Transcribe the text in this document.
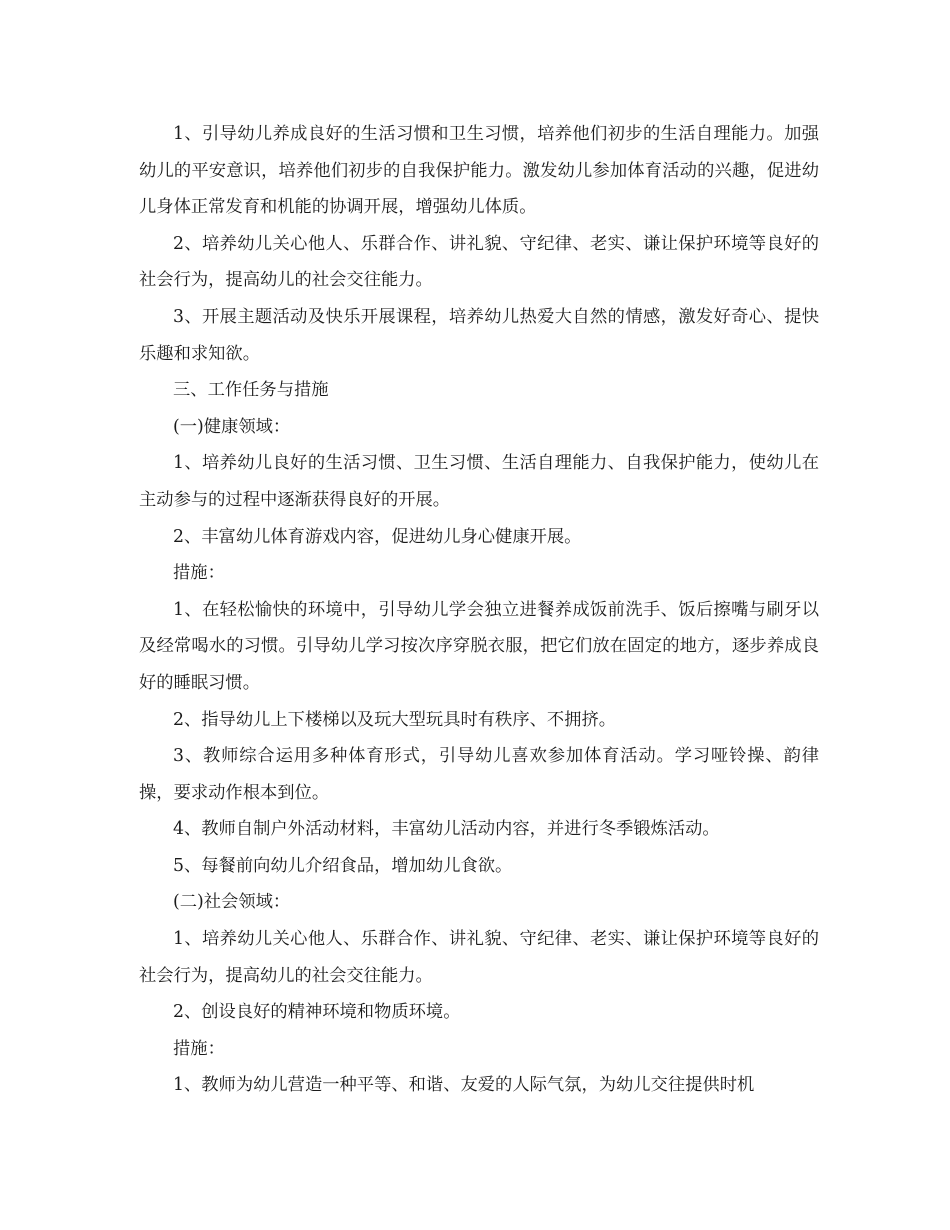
1、引导幼儿养成良好的生活习惯和卫生习惯，培养他们初步的生活自理能力。加强幼儿的平安意识，培养他们初步的自我保护能力。激发幼儿参加体育活动的兴趣，促进幼儿身体正常发育和机能的协调开展，增强幼儿体质。

2、培养幼儿关心他人、乐群合作、讲礼貌、守纪律、老实、谦让保护环境等良好的社会行为，提高幼儿的社会交往能力。

3、开展主题活动及快乐开展课程，培养幼儿热爱大自然的情感，激发好奇心、提快乐趣和求知欲。

三、工作任务与措施

(一)健康领域：

1、培养幼儿良好的生活习惯、卫生习惯、生活自理能力、自我保护能力，使幼儿在主动参与的过程中逐渐获得良好的开展。

2、丰富幼儿体育游戏内容，促进幼儿身心健康开展。

措施：

1、在轻松愉快的环境中，引导幼儿学会独立进餐养成饭前洗手、饭后擦嘴与刷牙以及经常喝水的习惯。引导幼儿学习按次序穿脱衣服，把它们放在固定的地方，逐步养成良好的睡眠习惯。

2、指导幼儿上下楼梯以及玩大型玩具时有秩序、不拥挤。

3、教师综合运用多种体育形式，引导幼儿喜欢参加体育活动。学习哑铃操、韵律操，要求动作根本到位。

4、教师自制户外活动材料，丰富幼儿活动内容，并进行冬季锻炼活动。

5、每餐前向幼儿介绍食品，增加幼儿食欲。

(二)社会领域：

1、培养幼儿关心他人、乐群合作、讲礼貌、守纪律、老实、谦让保护环境等良好的社会行为，提高幼儿的社会交往能力。

2、创设良好的精神环境和物质环境。

措施：

1、教师为幼儿营造一种平等、和谐、友爱的人际气氛，为幼儿交往提供时机
